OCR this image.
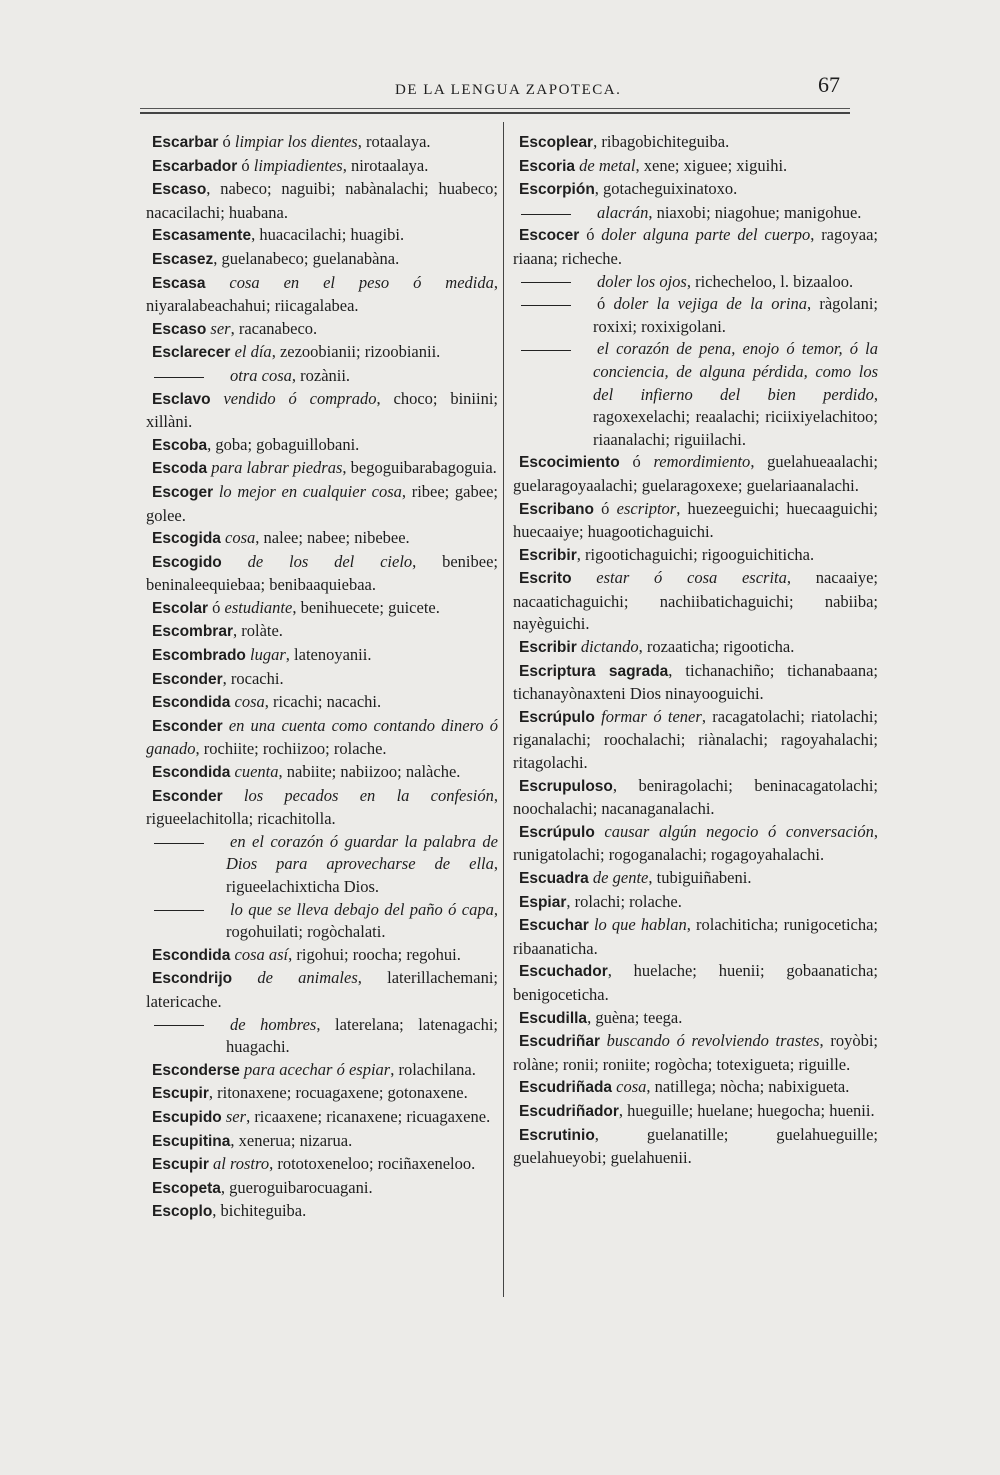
DE LA LENGUA ZAPOTECA.	67

Escarbar ó limpiar los dientes, rotaalaya.

Escarbador ó limpiadientes, nirotaalaya.

Escaso, nabeco; naguibi; nabànalachi; huabeco; nacacilachi; huabana.

Escasamente, huacacilachi; huagibi.

Escasez, guelanabeco; guelanabàna.

Escasa cosa en el peso ó medida, niyaralabeachahui; riicagalabea.

Escaso ser, racanabeco.

Esclarecer el día, zezoobianii; rizoobianii.

otra cosa, rozànii.

Esclavo vendido ó comprado, choco; biniini; xillàni.

Escoba, goba; gobaguillobani.

Escoda para labrar piedras, begoguibarabagoguia.

Escoger lo mejor en cualquier cosa, ribee; gabee; golee.

Escogida cosa, nalee; nabee; nibebee.

Escogido de los del cielo, benibee; beninaleequiebaa; benibaaquiebaa.

Escolar ó estudiante, benihuecete; guicete.

Escombrar, rolàte.

Escombrado lugar, latenoyanii.

Esconder, rocachi.

Escondida cosa, ricachi; nacachi.

Esconder en una cuenta como contando dinero ó ganado, rochiite; rochiizoo; rolache.

Escondida cuenta, nabiite; nabiizoo; nalàche.

Esconder los pecados en la confesión, rigueelachitolla; ricachitolla.

en el corazón ó guardar la palabra de Dios para aprovecharse de ella, rigueelachixticha Dios.

lo que se lleva debajo del paño ó capa, rogohuilati; rogòchalati.

Escondida cosa así, rigohui; roocha; regohui.

Escondrijo de animales, laterillachemani; latericache.

de hombres, laterelana; latenagachi; huagachi.

Esconderse para acechar ó espiar, rolachilana.

Escupir, ritonaxene; rocuagaxene; gotonaxene.

Escupido ser, ricaaxene; ricanaxene; ricuagaxene.

Escupitina, xenerua; nizarua.

Escupir al rostro, rototoxeneloo; rociñaxeneloo.

Escopeta, gueroguibarocuagani.

Escoplo, bichiteguiba.

Escoplear, ribagobichiteguiba.

Escoria de metal, xene; xiguee; xiguihi.

Escorpión, gotacheguixinatoxo.

alacrán, niaxobi; niagohue; manigohue.

Escocer ó doler alguna parte del cuerpo, ragoyaa; riaana; richeche.

doler los ojos, richecheloo, l. bizaaloo.

ó doler la vejiga de la orina, ràgolani; roxixi; roxixigolani.

el corazón de pena, enojo ó temor, ó la conciencia, de alguna pérdida, como los del infierno del bien perdido, ragoxexelachi; reaalachi; riciixiyelachitoo; riaanalachi; riguiilachi.

Escocimiento ó remordimiento, guelahueaalachi; guelaragoyaalachi; guelaragoxexe; guelariaanalachi.

Escribano ó escriptor, huezeeguichi; huecaaguichi; huecaaiye; huagootichaguichi.

Escribir, rigootichaguichi; rigooguichiticha.

Escrito estar ó cosa escrita, nacaaiye; nacaatichaguichi; nachiibatichaguichi; nabiiba; nayèguichi.

Escribir dictando, rozaaticha; rigooticha.

Escriptura sagrada, tichanachiño; tichanabaana; tichanayònaxteni Dios ninayooguichi.

Escrúpulo formar ó tener, racagatolachi; riatolachi; riganalachi; roochalachi; riànalachi; ragoyahalachi; ritagolachi.

Escrupuloso, beniragolachi; beninacagatolachi; noochalachi; nacanaganalachi.

Escrúpulo causar algún negocio ó conversación, runigatolachi; rogoganalachi; rogagoyahalachi.

Escuadra de gente, tubiguiñabeni.

Espiar, rolachi; rolache.

Escuchar lo que hablan, rolachiticha; runigoceticha; ribaanaticha.

Escuchador, huelache; huenii; gobaanaticha; benigoceticha.

Escudilla, guèna; teega.

Escudriñar buscando ó revolviendo trastes, royòbi; rolàne; ronii; roniite; rogòcha; totexigueta; riguille.

Escudriñada cosa, natillega; nòcha; nabixigueta.

Escudriñador, hueguille; huelane; huegocha; huenii.

Escrutinio, guelanatille; guelahueguille; guelahueyobi; guelahuenii.
